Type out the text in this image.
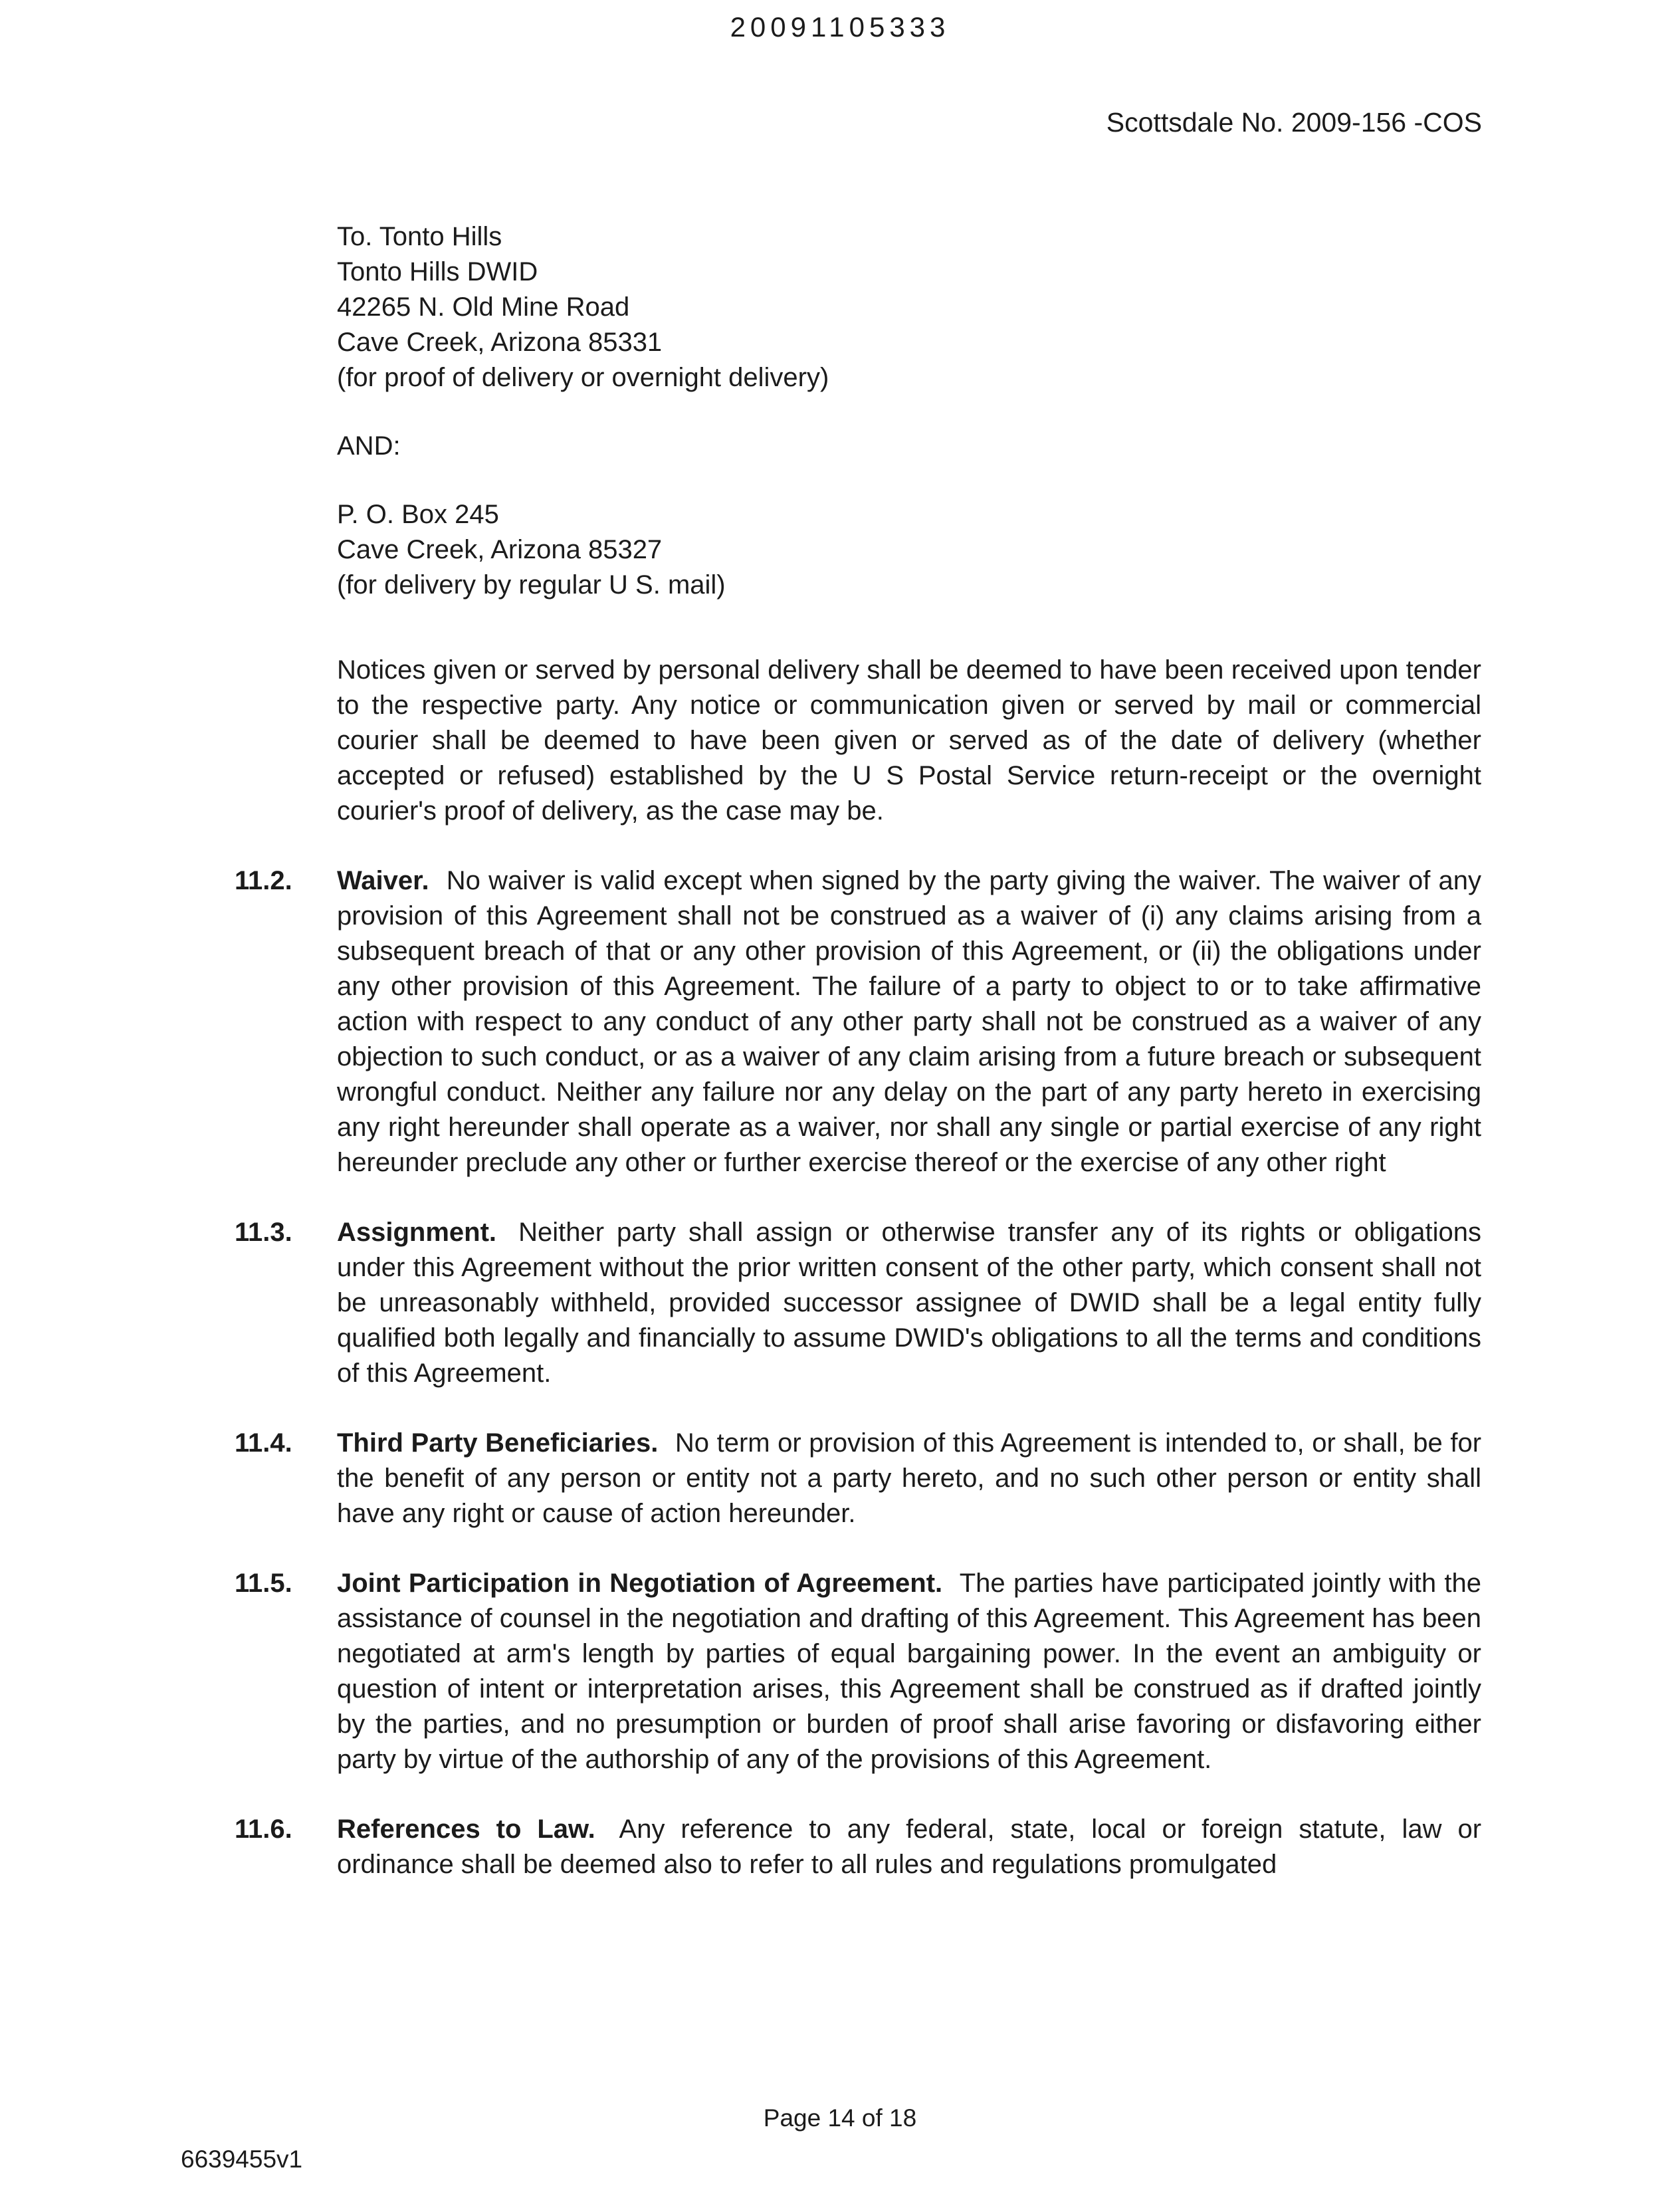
20091105333
Scottsdale No. 2009-156 -COS
To. Tonto Hills
Tonto Hills DWID
42265 N. Old Mine Road
Cave Creek, Arizona 85331
(for proof of delivery or overnight delivery)
AND:
P. O. Box 245
Cave Creek, Arizona 85327
(for delivery by regular U S. mail)
Notices given or served by personal delivery shall be deemed to have been received upon tender to the respective party. Any notice or communication given or served by mail or commercial courier shall be deemed to have been given or served as of the date of delivery (whether accepted or refused) established by the U S Postal Service return-receipt or the overnight courier's proof of delivery, as the case may be.
11.2. Waiver. No waiver is valid except when signed by the party giving the waiver. The waiver of any provision of this Agreement shall not be construed as a waiver of (i) any claims arising from a subsequent breach of that or any other provision of this Agreement, or (ii) the obligations under any other provision of this Agreement. The failure of a party to object to or to take affirmative action with respect to any conduct of any other party shall not be construed as a waiver of any objection to such conduct, or as a waiver of any claim arising from a future breach or subsequent wrongful conduct. Neither any failure nor any delay on the part of any party hereto in exercising any right hereunder shall operate as a waiver, nor shall any single or partial exercise of any right hereunder preclude any other or further exercise thereof or the exercise of any other right
11.3. Assignment. Neither party shall assign or otherwise transfer any of its rights or obligations under this Agreement without the prior written consent of the other party, which consent shall not be unreasonably withheld, provided successor assignee of DWID shall be a legal entity fully qualified both legally and financially to assume DWID's obligations to all the terms and conditions of this Agreement.
11.4. Third Party Beneficiaries. No term or provision of this Agreement is intended to, or shall, be for the benefit of any person or entity not a party hereto, and no such other person or entity shall have any right or cause of action hereunder.
11.5. Joint Participation in Negotiation of Agreement. The parties have participated jointly with the assistance of counsel in the negotiation and drafting of this Agreement. This Agreement has been negotiated at arm's length by parties of equal bargaining power. In the event an ambiguity or question of intent or interpretation arises, this Agreement shall be construed as if drafted jointly by the parties, and no presumption or burden of proof shall arise favoring or disfavoring either party by virtue of the authorship of any of the provisions of this Agreement.
11.6. References to Law. Any reference to any federal, state, local or foreign statute, law or ordinance shall be deemed also to refer to all rules and regulations promulgated
Page 14 of 18
6639455v1
